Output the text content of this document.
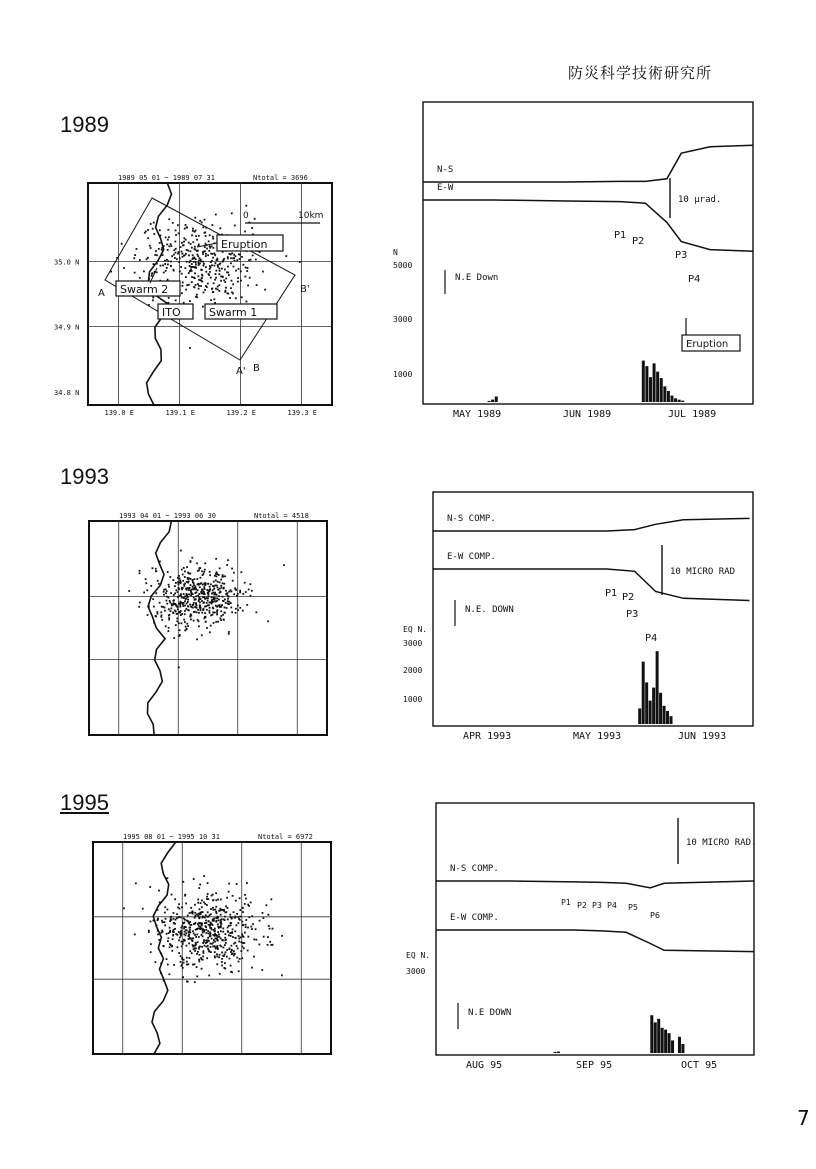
防災科学技術研究所
1989
1993
1995
7
1989 05 01 ~ 1989 07 31	Ntotal = 3696
1993 04 01 ~ 1993 06 30	Ntotal = 4518
1995 08 01 ~ 1995 10 31	Ntotal = 6972
139.0 E	139.1 E	139.2 E	139.3 E
35.0 N
34.9 N
34.8 N
0	10km
A
A' B
B'
Eruption
Swarm 2
ITO	Swarm 1
10 μrad.
N-S
E-W
N
5000
3000
1000
MAY 1989	JUN 1989	JUL 1989
N.E Down
P1
P2
P3
P4
10 MICRO RAD
N-S COMP.
E-W COMP.
EQ N.
3000
2000
1000
APR 1993	MAY 1993	JUN 1993
N.E. DOWN
P1 P2
P3
P4
10 MICRO RAD.
N-S COMP.
E-W COMP.
EQ N.
3000
AUG 95	SEP 95	OCT 95
N.E DOWN
P1 P2 P3 P4 P5
P6
Eruption
